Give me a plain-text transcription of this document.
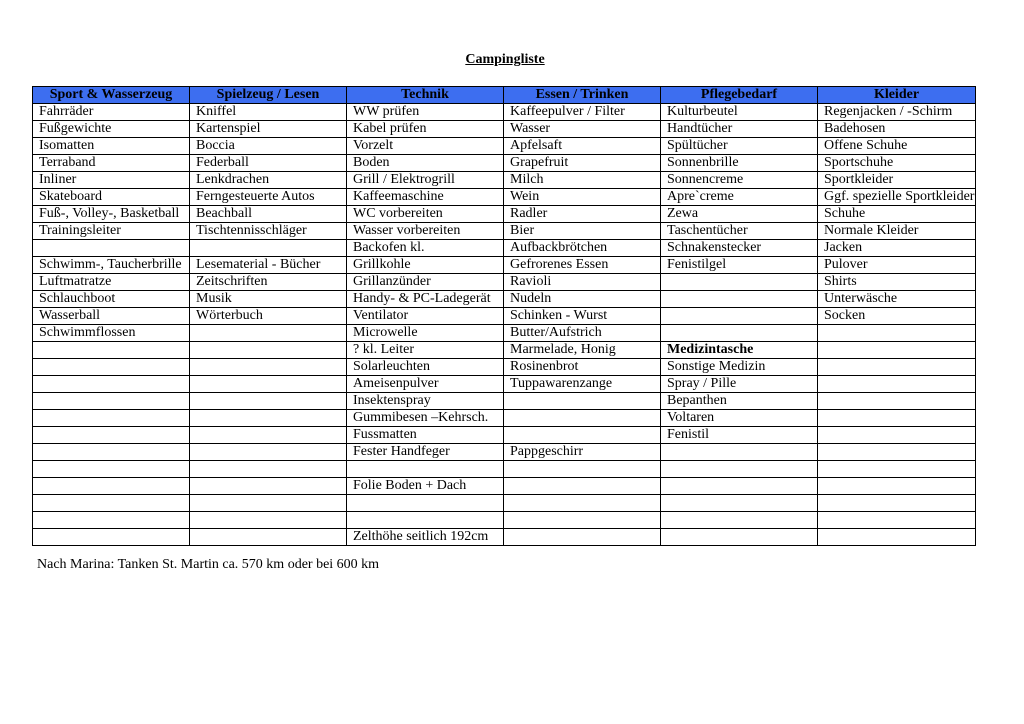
Campingliste
Sport & Wasserzeug	Spielzeug / Lesen	Technik	Essen / Trinken	Pflegebedarf	Kleider
Fahrräder	Kniffel	WW prüfen	Kaffeepulver / Filter	Kulturbeutel	Regenjacken / -Schirm
Fußgewichte	Kartenspiel	Kabel prüfen	Wasser	Handtücher	Badehosen
Isomatten	Boccia	Vorzelt	Apfelsaft	Spültücher	Offene Schuhe
Terraband	Federball	Boden	Grapefruit	Sonnenbrille	Sportschuhe
Inliner	Lenkdrachen	Grill / Elektrogrill	Milch	Sonnencreme	Sportkleider
Skateboard	Ferngesteuerte Autos	Kaffeemaschine	Wein	Apre`creme	Ggf. spezielle Sportkleider
Fuß-, Volley-, Basketball	Beachball	WC vorbereiten	Radler	Zewa	Schuhe
Trainingsleiter	Tischtennisschläger	Wasser vorbereiten	Bier	Taschentücher	Normale Kleider
		Backofen kl.	Aufbackbrötchen	Schnakenstecker	Jacken
Schwimm-, Taucherbrille	Lesematerial - Bücher	Grillkohle	Gefrorenes Essen	Fenistilgel	Pulover
Luftmatratze	Zeitschriften	Grillanzünder	Ravioli		Shirts
Schlauchboot	Musik	Handy- & PC-Ladegerät	Nudeln		Unterwäsche
Wasserball	Wörterbuch	Ventilator	Schinken - Wurst		Socken
Schwimmflossen		Microwelle	Butter/Aufstrich		
		? kl. Leiter	Marmelade, Honig	Medizintasche	
		Solarleuchten	Rosinenbrot	Sonstige Medizin	
		Ameisenpulver	Tuppawarenzange	Spray / Pille	
		Insektenspray		Bepanthen	
		Gummibesen –Kehrsch.		Voltaren	
		Fussmatten		Fenistil	
		Fester Handfeger	Pappgeschirr		

		Folie Boden + Dach			

		Zelthöhe seitlich 192cm			
Nach Marina: Tanken St. Martin ca. 570 km oder bei 600 km
